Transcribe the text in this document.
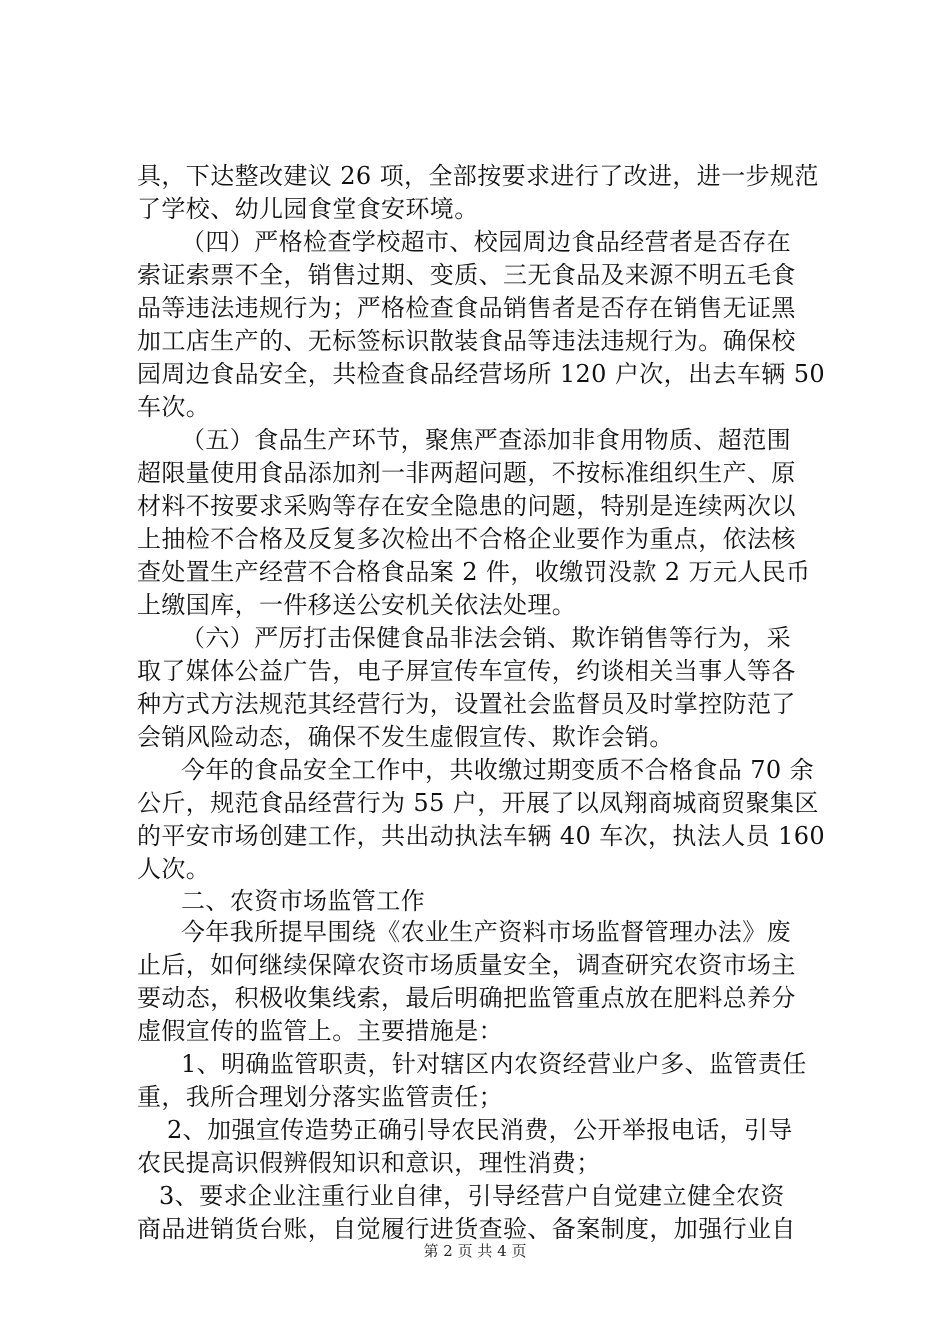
具，下达整改建议 26 项，全部按要求进行了改进，进一步规范
了学校、幼儿园食堂食安环境。
（四）严格检查学校超市、校园周边食品经营者是否存在
索证索票不全，销售过期、变质、三无食品及来源不明五毛食
品等违法违规行为；严格检查食品销售者是否存在销售无证黑
加工店生产的、无标签标识散装食品等违法违规行为。确保校
园周边食品安全，共检查食品经营场所 120 户次，出去车辆 50
车次。
（五）食品生产环节，聚焦严查添加非食用物质、超范围
超限量使用食品添加剂一非两超问题，不按标准组织生产、原
材料不按要求采购等存在安全隐患的问题，特别是连续两次以
上抽检不合格及反复多次检出不合格企业要作为重点，依法核
查处置生产经营不合格食品案 2 件，收缴罚没款 2 万元人民币
上缴国库，一件移送公安机关依法处理。
（六）严厉打击保健食品非法会销、欺诈销售等行为，采
取了媒体公益广告，电子屏宣传车宣传，约谈相关当事人等各
种方式方法规范其经营行为，设置社会监督员及时掌控防范了
会销风险动态，确保不发生虚假宣传、欺诈会销。
今年的食品安全工作中，共收缴过期变质不合格食品 70 余
公斤，规范食品经营行为 55 户，开展了以凤翔商城商贸聚集区
的平安市场创建工作，共出动执法车辆 40 车次，执法人员 160
人次。
二、农资市场监管工作
今年我所提早围绕《农业生产资料市场监督管理办法》废
止后，如何继续保障农资市场质量安全，调查研究农资市场主
要动态，积极收集线索，最后明确把监管重点放在肥料总养分
虚假宣传的监管上。主要措施是：
1、明确监管职责，针对辖区内农资经营业户多、监管责任
重，我所合理划分落实监管责任；
2、加强宣传造势正确引导农民消费，公开举报电话，引导
农民提高识假辨假知识和意识，理性消费；
3、要求企业注重行业自律，引导经营户自觉建立健全农资
商品进销货台账，自觉履行进货查验、备案制度，加强行业自
第 2 页 共 4 页
